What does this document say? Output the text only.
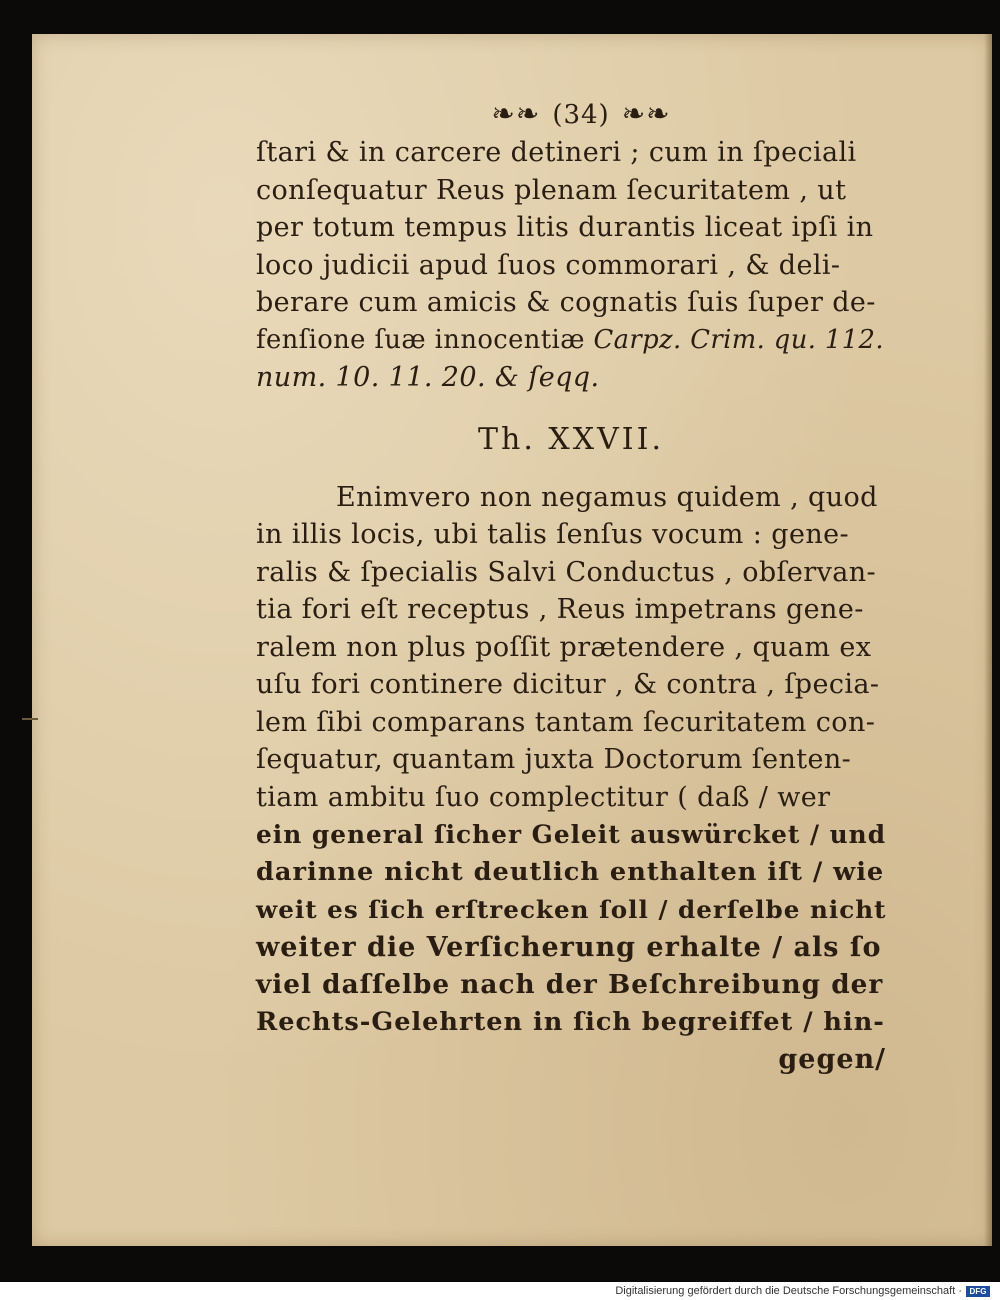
❧❧ (34) ❧❧
ſtari & in carcere detineri ; cum in ſpeciali
conſequatur Reus plenam ſecuritatem , ut
per totum tempus litis durantis liceat ipſi in
loco judicii apud ſuos commorari , & deli-
berare cum amicis & cognatis ſuis ſuper de-
fenſione ſuæ innocentiæ Carpz. Crim. qu. 112.
num. 10. 11. 20. & ſeqq.
Th. XXVII.
Enimvero non negamus quidem , quod
in illis locis, ubi talis ſenſus vocum : gene-
ralis & ſpecialis Salvi Conductus , obſervan-
tia fori eſt receptus , Reus impetrans gene-
ralem non plus poſſit prætendere , quam ex
uſu fori continere dicitur , & contra , ſpecia-
lem ſibi comparans tantam ſecuritatem con-
ſequatur, quantam juxta Doctorum ſenten-
tiam ambitu ſuo complectitur ( daß / wer
ein general ſicher Geleit auswürcket / und
darinne nicht deutlich enthalten iſt / wie
weit es ſich erſtrecken ſoll / derſelbe nicht
weiter die Verſicherung erhalte / als ſo
viel daſſelbe nach der Beſchreibung der
Rechts-Gelehrten in ſich begreiffet / hin-
gegen/
Digitalisierung gefördert durch die Deutsche Forschungsgemeinschaft · DFG
